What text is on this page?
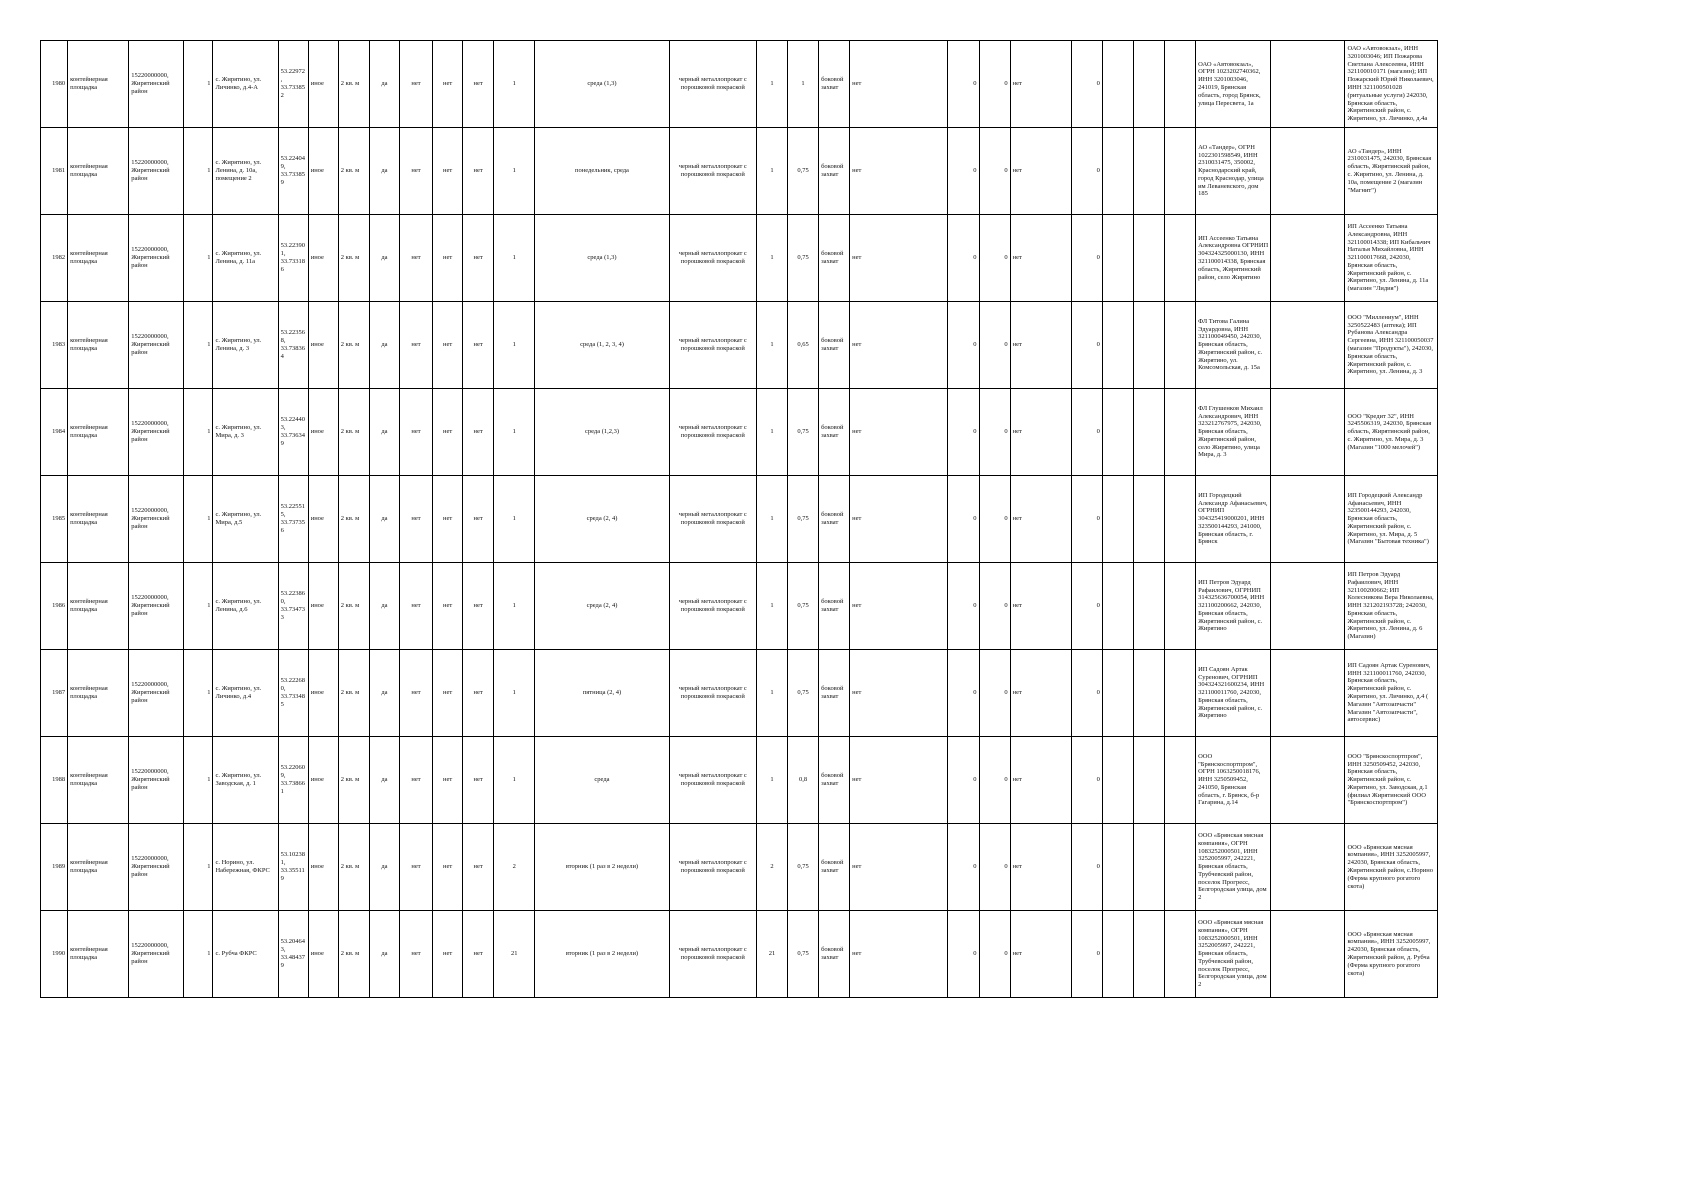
1980	контейнерная площадка	15220000000, Жирятинский район	1	с. Жирятино, ул. Личинко, д.4-А	53.22972, 33.733852	иное	2 кв. м	да	нет	нет	нет	1	среда (1,3)	черный металлопрокат с порошковой покраской	1	1	боковой захват	нет	0	0	нет	0				ОАО «Автовокзал», ОГРН 1023202740362, ИНН 3201003046, 241019, Брянская область, город Брянск, улица Пересвета, 1а		ОАО «Автовокзал», ИНН 3201003046; ИП Пожарова Светлана Алексеевна, ИНН 321100010171 (магазин); ИП Пожарский Юрий Николаевич, ИНН 321100501028 (ритуальные услуги) 242030, Брянская область, Жирятинский район, с. Жирятино, ул. Личинко, д.4а
1981	контейнерная площадка	15220000000, Жирятинский район	1	с. Жирятино, ул. Ленина, д. 10а, помещение 2	53.224049, 33.733859	иное	2 кв. м	да	нет	нет	нет	1	понедельник, среда	черный металлопрокат с порошковой покраской	1	0,75	боковой захват	нет	0	0	нет	0				АО «Тандер», ОГРН 1022301598549, ИНН 2310031475, 350002, Краснодарский край, город Краснодар, улица им Леваневского, дом 185		АО «Тандер», ИНН 2310031475, 242030, Брянская область, Жирятинский район, с. Жирятино, ул. Ленина, д. 10а, помещение 2 (магазин "Магнит")
1982	контейнерная площадка	15220000000, Жирятинский район	1	с. Жирятино, ул. Ленина, д. 11а	53.223901, 33.733186	иное	2 кв. м	да	нет	нет	нет	1	среда (1,3)	черный металлопрокат с порошковой покраской	1	0,75	боковой захват	нет	0	0	нет	0				ИП Ассеенко Татьяна Александровна ОГРНИП 304324325000130, ИНН 321100014338, Брянская область, Жирятинский район, село Жирятино		ИП Ассеенко Татьяна Александровна, ИНН 321100014338; ИП Кибальчич Наталья Михайловна, ИНН 321100017668, 242030, Брянская область, Жирятинский район, с. Жирятино, ул. Ленина, д. 11а (магазин "Лидия")
1983	контейнерная площадка	15220000000, Жирятинский район	1	с. Жирятино, ул. Ленина, д. 3	53.223568, 33.738364	иное	2 кв. м	да	нет	нет	нет	1	среда (1, 2, 3, 4)	черный металлопрокат с порошковой покраской	1	0,65	боковой захват	нет	0	0	нет	0				ФЛ Титова Галина Эдуардовна, ИНН 321100049450, 242030, Брянская область, Жирятинский район, с. Жирятино, ул. Комсомольская, д. 15а		ООО "Миллениум", ИНН 3250522483 (аптека); ИП Рубанова Александра Сергеевна, ИНН 321100050037 (магазин "Продукты"), 242030, Брянская область, Жирятинский район, с. Жирятино, ул. Ленина, д. 3
1984	контейнерная площадка	15220000000, Жирятинский район	1	с. Жирятино, ул. Мира, д. 3	53.224403, 33.736349	иное	2 кв. м	да	нет	нет	нет	1	среда (1,2,3)	черный металлопрокат с порошковой покраской	1	0,75	боковой захват	нет	0	0	нет	0				ФЛ Глушенков Михаил Александрович, ИНН 323212767975, 242030, Брянская область, Жирятинский район, село Жирятино, улица Мира, д. 3		ООО "Кредит 32", ИНН 3245506319, 242030, Брянская область, Жирятинский район, с. Жирятино, ул. Мира, д. 3 (Магазин "1000 мелочей")
1985	контейнерная площадка	15220000000, Жирятинский район	1	с. Жирятино, ул. Мира, д.5	53.225515, 33.737356	иное	2 кв. м	да	нет	нет	нет	1	среда (2, 4)	черный металлопрокат с порошковой покраской	1	0,75	боковой захват	нет	0	0	нет	0				ИП Городецкий Александр Афанасьевич, ОГРНИП 304325419000201, ИНН 323500144293, 241000, Брянская область, г. Брянск		ИП Городецкий Александр Афанасьевич, ИНН 323500144293, 242030, Брянская область, Жирятинский район, с. Жирятино, ул. Мира, д. 5 (Магазин "Бытовая техника")
1986	контейнерная площадка	15220000000, Жирятинский район	1	с. Жирятино, ул. Ленина, д.6	53.223860, 33.734733	иное	2 кв. м	да	нет	нет	нет	1	среда (2, 4)	черный металлопрокат с порошковой покраской	1	0,75	боковой захват	нет	0	0	нет	0				ИП Петров Эдуард Рафаилович, ОГРНИП 314325636700054, ИНН 321100200662, 242030, Брянская область, Жирятинский район, с. Жирятино		ИП Петров Эдуард Рафаилович, ИНН 321100200662; ИП Колесникова Вера Николаевна, ИНН 321202193728; 242030, Брянская область, Жирятинский район, с. Жирятино, ул. Ленина, д. 6 (Магазин)
1987	контейнерная площадка	15220000000, Жирятинский район	1	с. Жирятино, ул. Личинко, д.4	53.222680, 33.733485	иное	2 кв. м	да	нет	нет	нет	1	пятница (2, 4)	черный металлопрокат с порошковой покраской	1	0,75	боковой захват	нет	0	0	нет	0				ИП Садоян Артак Суренович, ОГРНИП 304324321600234, ИНН 321100011760, 242030, Брянская область, Жирятинский район, с. Жирятино		ИП Садоян Артак Суренович, ИНН 321100011760, 242030, Брянская область, Жирятинский район, с. Жирятино, ул. Личинко, д.4 ( Магазин "Автозапчасти" Магазин "Автозапчасти", автосервис)
1988	контейнерная площадка	15220000000, Жирятинский район	1	с. Жирятино, ул. Заводская, д. 1	53.220609, 33.738661	иное	2 кв. м	да	нет	нет	нет	1	среда	черный металлопрокат с порошковой покраской	1	0,8	боковой захват	нет	0	0	нет	0				ООО "Брянскоспортпром", ОГРН 1063250018176, ИНН 3250509452, 241050, Брянская область, г. Брянск, б-р Гагарина, д.14		ООО "Брянскоспортпром", ИНН 3250509452, 242030, Брянская область, Жирятинский район, с. Жирятино, ул. Заводская, д.1 (филиал Жирятинский ООО "Брянскоспортпром")
1989	контейнерная площадка	15220000000, Жирятинский район	1	с. Норино, ул. Набережная, ФКРС	53.102381, 33.355119	иное	2 кв. м	да	нет	нет	нет	2	вторник (1 раз в 2 недели)	черный металлопрокат с порошковой покраской	2	0,75	боковой захват	нет	0	0	нет	0				ООО «Брянская мясная компания», ОГРН 1083252000501, ИНН 3252005997, 242221, Брянская область, Трубчевский район, поселок Прогресс, Белгородская улица, дом 2		ООО «Брянская мясная компания», ИНН 3252005997, 242030, Брянская область, Жирятинский район, с.Норино (Ферма крупного рогатого скота)
1990	контейнерная площадка	15220000000, Жирятинский район	1	с. Рубча ФКРС	53.204643, 33.484379	иное	2 кв. м	да	нет	нет	нет	21	вторник (1 раз в 2 недели)	черный металлопрокат с порошковой покраской	21	0,75	боковой захват	нет	0	0	нет	0				ООО «Брянская мясная компания», ОГРН 1083252000501, ИНН 3252005997, 242221, Брянская область, Трубчевский район, поселок Прогресс, Белгородская улица, дом 2		ООО «Брянская мясная компания», ИНН 3252005997, 242030, Брянская область, Жирятинский район, д. Рубча (Ферма крупного рогатого скота)
